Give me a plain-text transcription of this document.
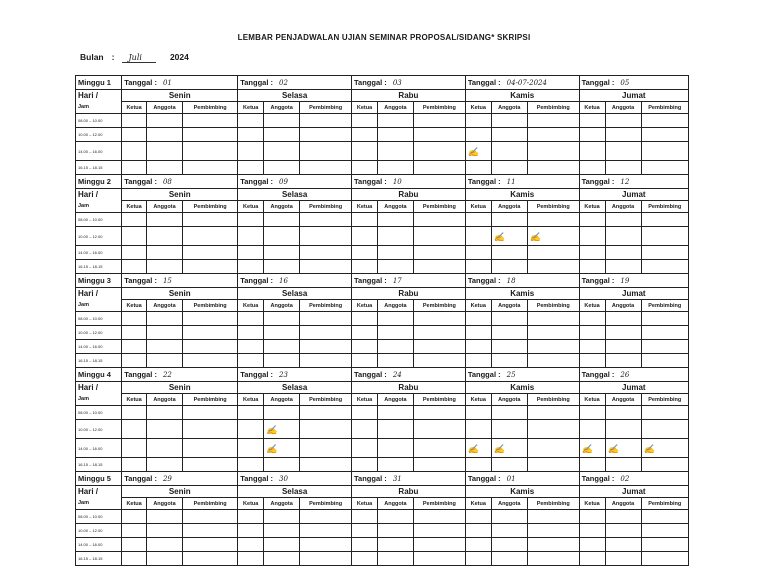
LEMBAR PENJADWALAN UJIAN SEMINAR PROPOSAL/SIDANG* SKRIPSI
Bulan : Juli	2024
Minggu 1	Tanggal : 01			Tanggal : 02			Tanggal : 03			Tanggal : 04-07-2024			Tanggal : 05		
Hari /	Senin			Selasa			Rabu			Kamis			Jumat		
Jam	Ketua	Anggota	Pembimbing	Ketua	Anggota	Pembimbing	Ketua	Anggota	Pembimbing	Ketua	Anggota	Pembimbing	Ketua	Anggota	Pembimbing
08.00 – 10.00															
10.00 – 12.00															
14.00 – 16.00										✍					
16.15 – 18.15															
Minggu 2	Tanggal : 08			Tanggal : 09			Tanggal : 10			Tanggal : 11			Tanggal : 12		
Hari /	Senin			Selasa			Rabu			Kamis			Jumat		
Jam	Ketua	Anggota	Pembimbing	Ketua	Anggota	Pembimbing	Ketua	Anggota	Pembimbing	Ketua	Anggota	Pembimbing	Ketua	Anggota	Pembimbing
08.00 – 10.00															
10.00 – 12.00											✍	✍			
14.00 – 16.00															
16.15 – 18.15															
Minggu 3	Tanggal : 15			Tanggal : 16			Tanggal : 17			Tanggal : 18			Tanggal : 19		
Hari /	Senin			Selasa			Rabu			Kamis			Jumat		
Jam	Ketua	Anggota	Pembimbing	Ketua	Anggota	Pembimbing	Ketua	Anggota	Pembimbing	Ketua	Anggota	Pembimbing	Ketua	Anggota	Pembimbing
08.00 – 10.00															
10.00 – 12.00															
14.00 – 16.00															
16.15 – 18.15															
Minggu 4	Tanggal : 22			Tanggal : 23			Tanggal : 24			Tanggal : 25			Tanggal : 26		
Hari /	Senin			Selasa			Rabu			Kamis			Jumat		
Jam	Ketua	Anggota	Pembimbing	Ketua	Anggota	Pembimbing	Ketua	Anggota	Pembimbing	Ketua	Anggota	Pembimbing	Ketua	Anggota	Pembimbing
08.00 – 10.00															
10.00 – 12.00					✍										
14.00 – 16.00					✍					✍	✍		✍	✍	✍
16.15 – 18.15															
Minggu 5	Tanggal : 29			Tanggal : 30			Tanggal : 31			Tanggal : 01			Tanggal : 02		
Hari /	Senin			Selasa			Rabu			Kamis			Jumat		
Jam	Ketua	Anggota	Pembimbing	Ketua	Anggota	Pembimbing	Ketua	Anggota	Pembimbing	Ketua	Anggota	Pembimbing	Ketua	Anggota	Pembimbing
08.00 – 10.00															
10.00 – 12.00															
14.00 – 16.00															
16.15 – 18.15															
